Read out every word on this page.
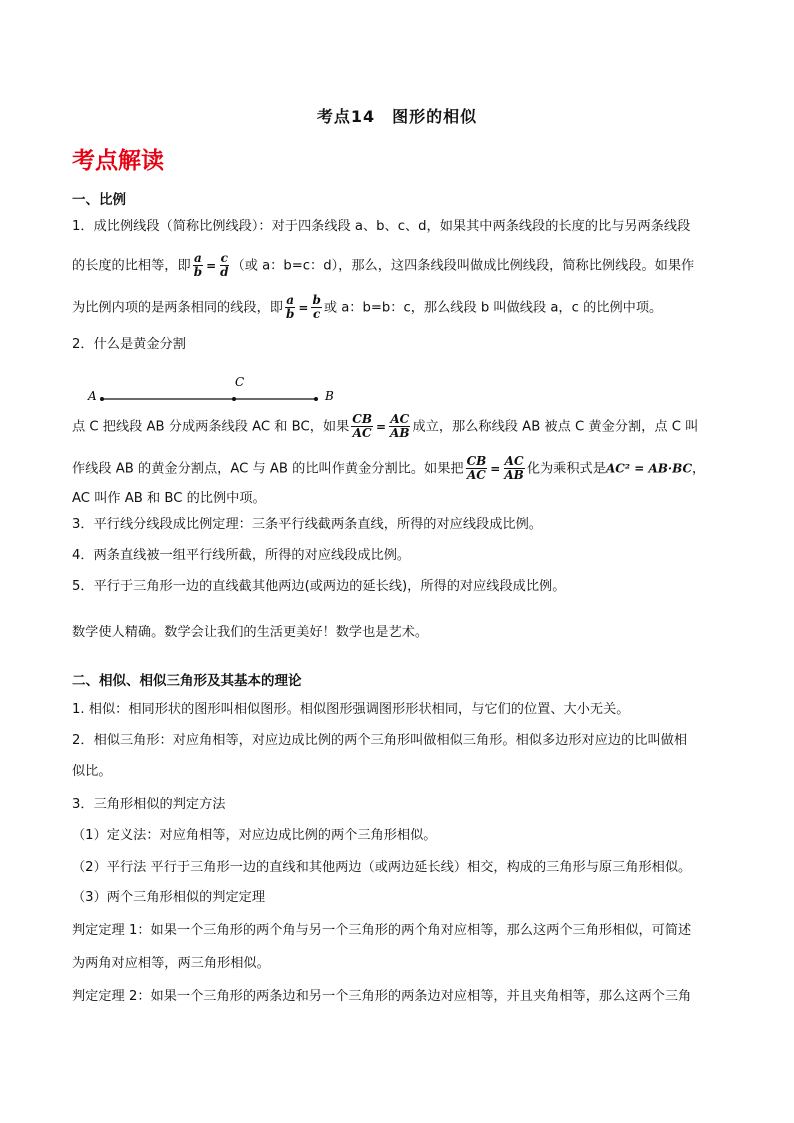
考点14　图形的相似
考点解读
一、比例
1．成比例线段（简称比例线段）：对于四条线段 a、b、c、d，如果其中两条线段的长度的比与另两条线段
的长度的比相等，即 $\frac{a}{b} = \frac{c}{d}$ （或 a：b=c：d），那么，这四条线段叫做成比例线段，简称比例线段。如果作
为比例内项的是两条相同的线段，即 $\frac{a}{b} = \frac{b}{c}$ 或 a：b=b：c，那么线段 b 叫做线段 a，c 的比例中项。
2．什么是黄金分割
A
C
B
点 C 把线段 AB 分成两条线段 AC 和 BC，如果 $\frac{CB}{AC} = \frac{AC}{AB}$ 成立，那么称线段 AB 被点 C 黄金分割，点 C 叫
作线段 AB 的黄金分割点，AC 与 AB 的比叫作黄金分割比。如果把 $\frac{CB}{AC} = \frac{AC}{AB}$ 化为乘积式是AC² = AB·BC，
AC 叫作 AB 和 BC 的比例中项。
3．平行线分线段成比例定理：三条平行线截两条直线，所得的对应线段成比例。
4．两条直线被一组平行线所截，所得的对应线段成比例。
5．平行于三角形一边的直线截其他两边(或两边的延长线)，所得的对应线段成比例。
数学使人精确。数学会让我们的生活更美好！数学也是艺术。
二、相似、相似三角形及其基本的理论
1. 相似：相同形状的图形叫相似图形。相似图形强调图形形状相同，与它们的位置、大小无关。
2．相似三角形：对应角相等，对应边成比例的两个三角形叫做相似三角形。相似多边形对应边的比叫做相
似比。
3．三角形相似的判定方法
（1）定义法：对应角相等，对应边成比例的两个三角形相似。
（2）平行法 平行于三角形一边的直线和其他两边（或两边延长线）相交，构成的三角形与原三角形相似。
（3）两个三角形相似的判定定理
判定定理 1：如果一个三角形的两个角与另一个三角形的两个角对应相等，那么这两个三角形相似，可简述
为两角对应相等，两三角形相似。
判定定理 2：如果一个三角形的两条边和另一个三角形的两条边对应相等，并且夹角相等，那么这两个三角
